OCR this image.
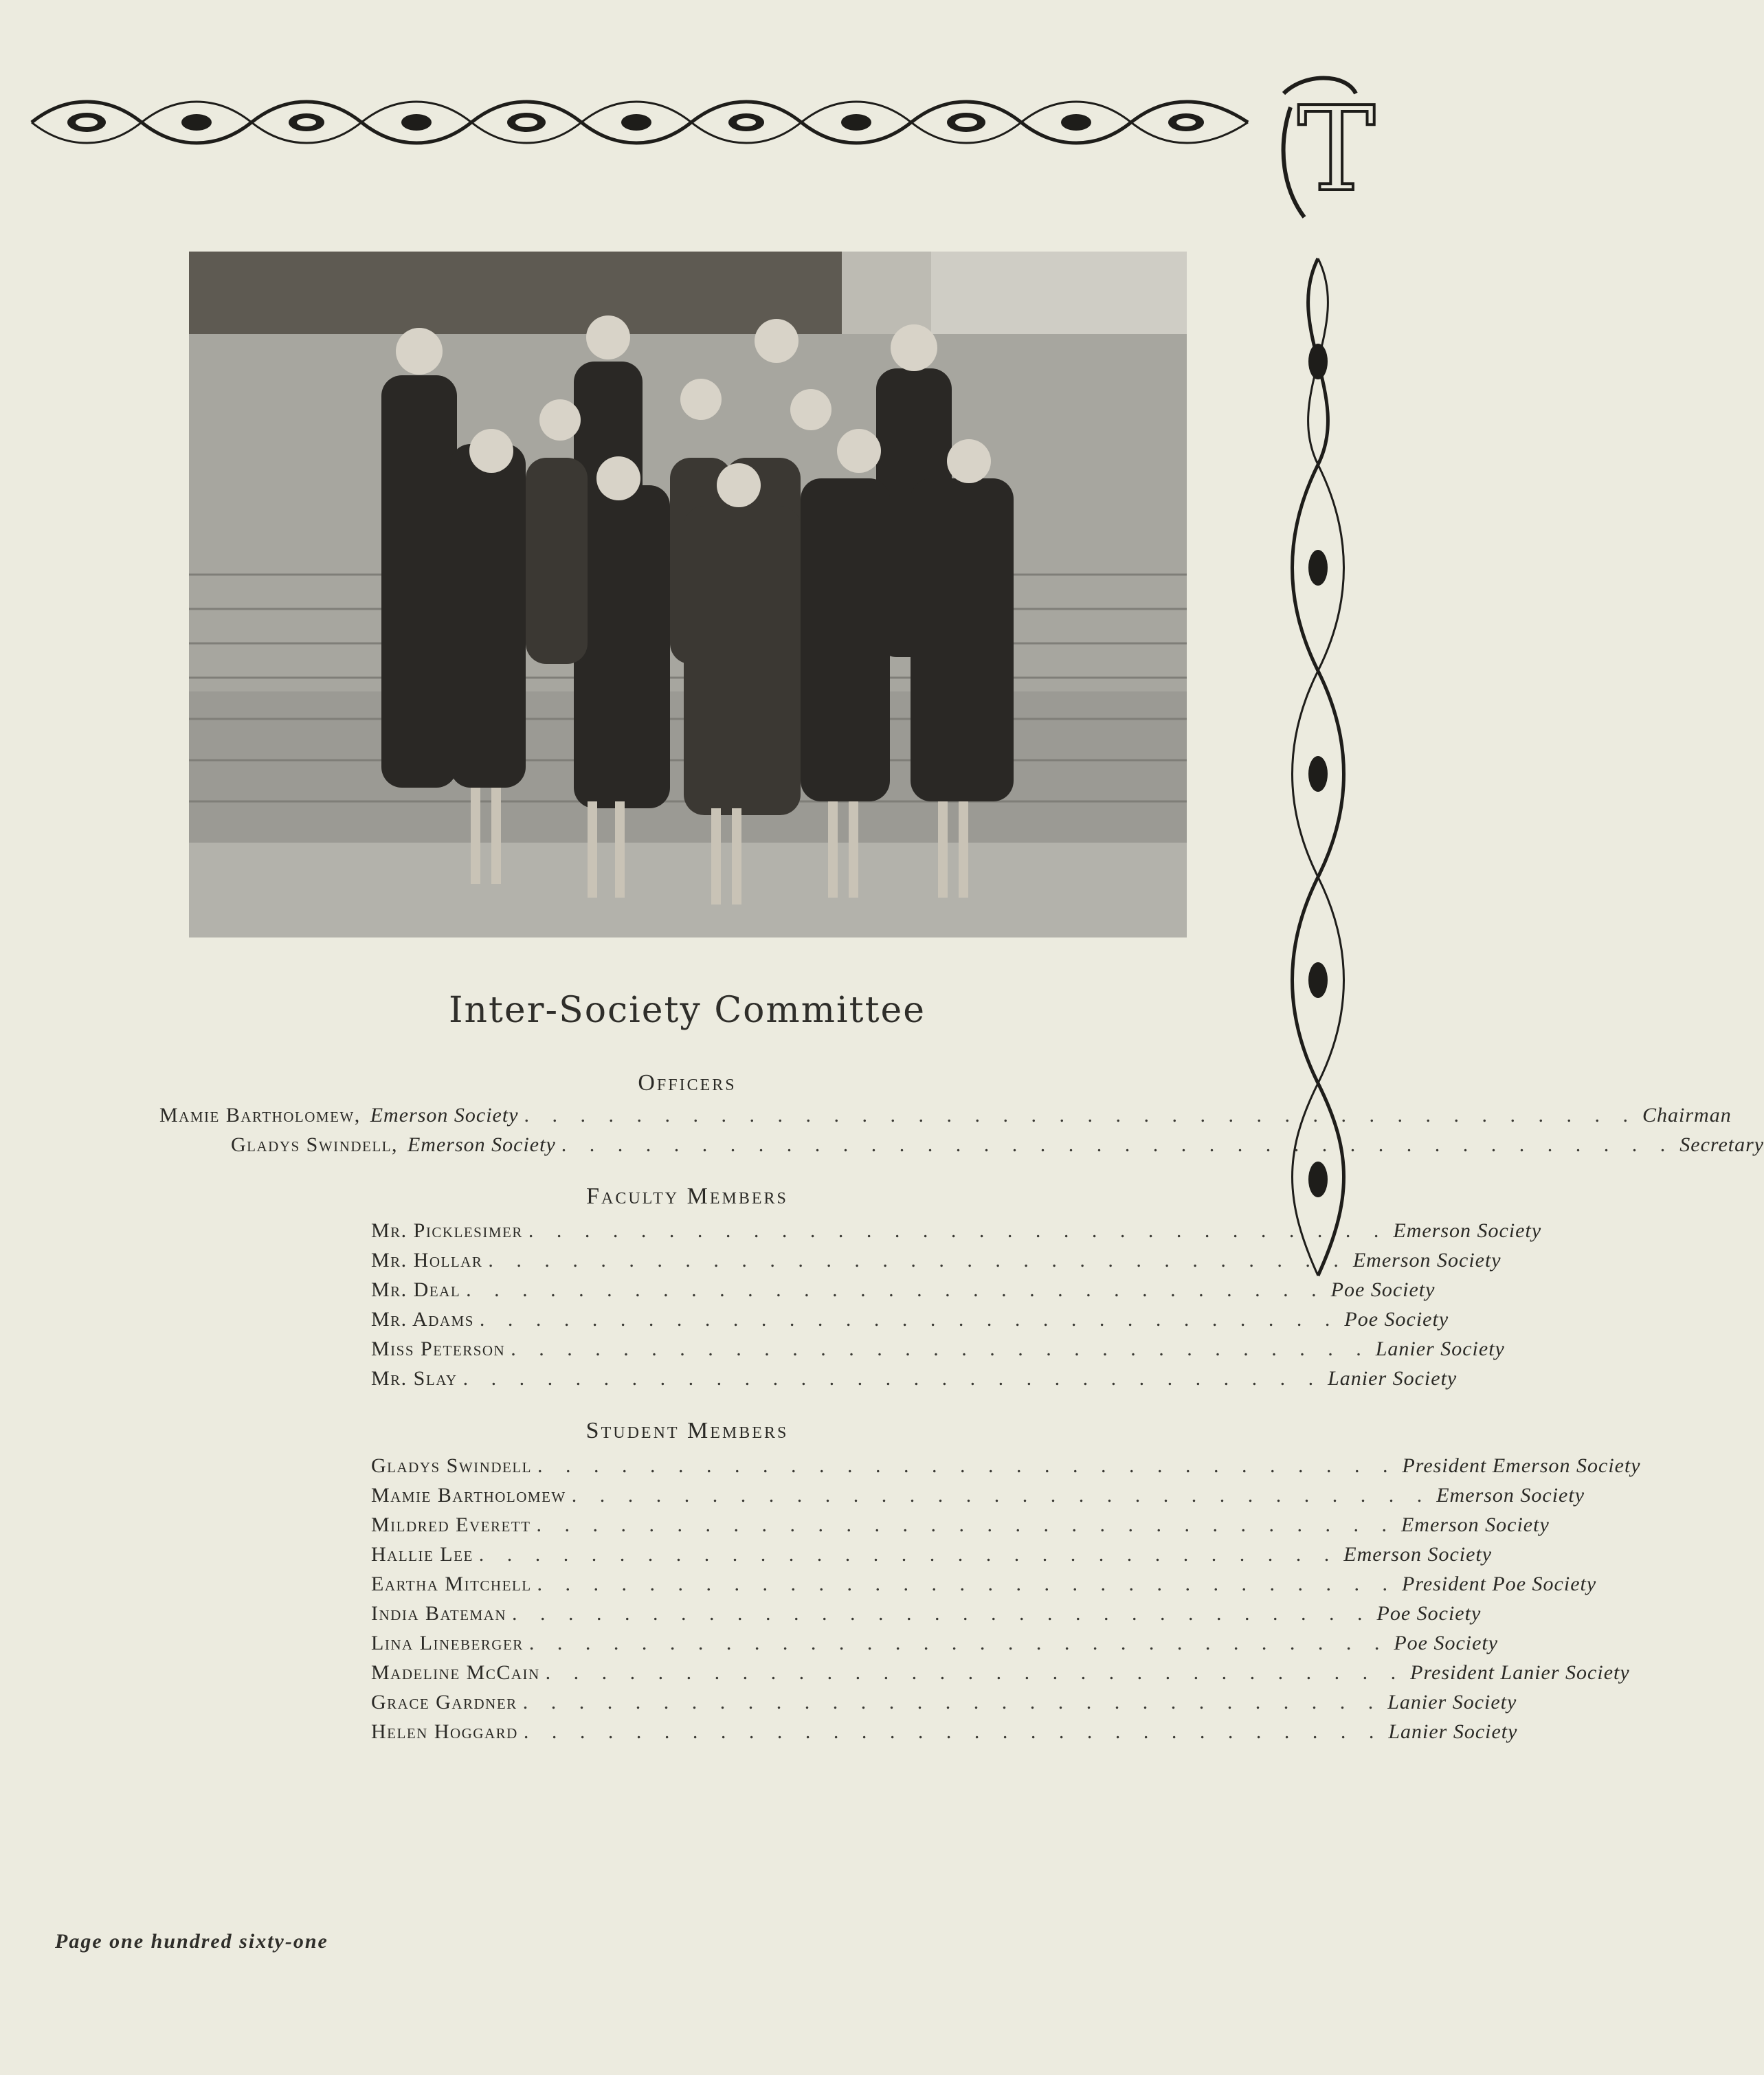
T
Inter-Society Committee
Officers
Mamie Bartholomew, Emerson Society . . . . . . . . . . . . . . . . . . . . . . . . . . . . . . . . . . . . . . . . Chairman
Gladys Swindell, Emerson Society . . . . . . . . . . . . . . . . . . . . . . . . . . . . . . . . . . . . . . . . Secretary
Faculty Members
Mr. Picklesimer . . . . . . . . . . . . . . . . . . . . . . . . . . . . . . . Emerson Society
Mr. Hollar . . . . . . . . . . . . . . . . . . . . . . . . . . . . . . . Emerson Society
Mr. Deal . . . . . . . . . . . . . . . . . . . . . . . . . . . . . . . Poe Society
Mr. Adams . . . . . . . . . . . . . . . . . . . . . . . . . . . . . . . Poe Society
Miss Peterson . . . . . . . . . . . . . . . . . . . . . . . . . . . . . . . Lanier Society
Mr. Slay . . . . . . . . . . . . . . . . . . . . . . . . . . . . . . . Lanier Society
Student Members
Gladys Swindell . . . . . . . . . . . . . . . . . . . . . . . . . . . . . . . President Emerson Society
Mamie Bartholomew . . . . . . . . . . . . . . . . . . . . . . . . . . . . . . . Emerson Society
Mildred Everett . . . . . . . . . . . . . . . . . . . . . . . . . . . . . . . Emerson Society
Hallie Lee . . . . . . . . . . . . . . . . . . . . . . . . . . . . . . . Emerson Society
Eartha Mitchell . . . . . . . . . . . . . . . . . . . . . . . . . . . . . . . President Poe Society
India Bateman . . . . . . . . . . . . . . . . . . . . . . . . . . . . . . . Poe Society
Lina Lineberger . . . . . . . . . . . . . . . . . . . . . . . . . . . . . . . Poe Society
Madeline McCain . . . . . . . . . . . . . . . . . . . . . . . . . . . . . . . President Lanier Society
Grace Gardner . . . . . . . . . . . . . . . . . . . . . . . . . . . . . . . Lanier Society
Helen Hoggard . . . . . . . . . . . . . . . . . . . . . . . . . . . . . . . Lanier Society
Page one hundred sixty-one
